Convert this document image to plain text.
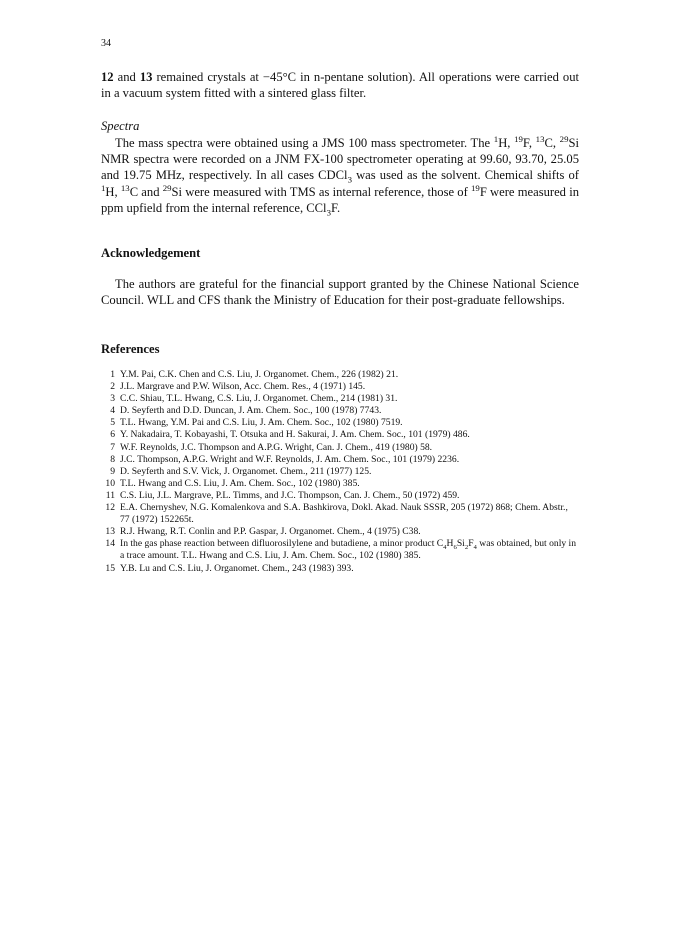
34

12 and 13 remained crystals at −45°C in n-pentane solution). All operations were carried out in a vacuum system fitted with a sintered glass filter.

Spectra

The mass spectra were obtained using a JMS 100 mass spectrometer. The $^1$H, $^{19}$F, $^{13}$C, $^{29}$Si NMR spectra were recorded on a JNM FX-100 spectrometer operating at 99.60, 93.70, 25.05 and 19.75 MHz, respectively. In all cases CDCl$_3$ was used as the solvent. Chemical shifts of $^1$H, $^{13}$C and $^{29}$Si were measured with TMS as internal reference, those of $^{19}$F were measured in ppm upfield from the internal reference, CCl$_3$F.

Acknowledgement

The authors are grateful for the financial support granted by the Chinese National Science Council. WLL and CFS thank the Ministry of Education for their post-graduate fellowships.

References

1 Y.M. Pai, C.K. Chen and C.S. Liu, J. Organomet. Chem., 226 (1982) 21.
2 J.L. Margrave and P.W. Wilson, Acc. Chem. Res., 4 (1971) 145.
3 C.C. Shiau, T.L. Hwang, C.S. Liu, J. Organomet. Chem., 214 (1981) 31.
4 D. Seyferth and D.D. Duncan, J. Am. Chem. Soc., 100 (1978) 7743.
5 T.L. Hwang, Y.M. Pai and C.S. Liu, J. Am. Chem. Soc., 102 (1980) 7519.
6 Y. Nakadaira, T. Kobayashi, T. Otsuka and H. Sakurai, J. Am. Chem. Soc., 101 (1979) 486.
7 W.F. Reynolds, J.C. Thompson and A.P.G. Wright, Can. J. Chem., 419 (1980) 58.
8 J.C. Thompson, A.P.G. Wright and W.F. Reynolds, J. Am. Chem. Soc., 101 (1979) 2236.
9 D. Seyferth and S.V. Vick, J. Organomet. Chem., 211 (1977) 125.
10 T.L. Hwang and C.S. Liu, J. Am. Chem. Soc., 102 (1980) 385.
11 C.S. Liu, J.L. Margrave, P.L. Timms, and J.C. Thompson, Can. J. Chem., 50 (1972) 459.
12 E.A. Chernyshev, N.G. Komalenkova and S.A. Bashkirova, Dokl. Akad. Nauk SSSR, 205 (1972) 868; Chem. Abstr., 77 (1972) 152265t.
13 R.J. Hwang, R.T. Conlin and P.P. Gaspar, J. Organomet. Chem., 4 (1975) C38.
14 In the gas phase reaction between difluorosilylene and butadiene, a minor product $C_4H_6Si_2F_4$ was obtained, but only in a trace amount. T.L. Hwang and C.S. Liu, J. Am. Chem. Soc., 102 (1980) 385.
15 Y.B. Lu and C.S. Liu, J. Organomet. Chem., 243 (1983) 393.
